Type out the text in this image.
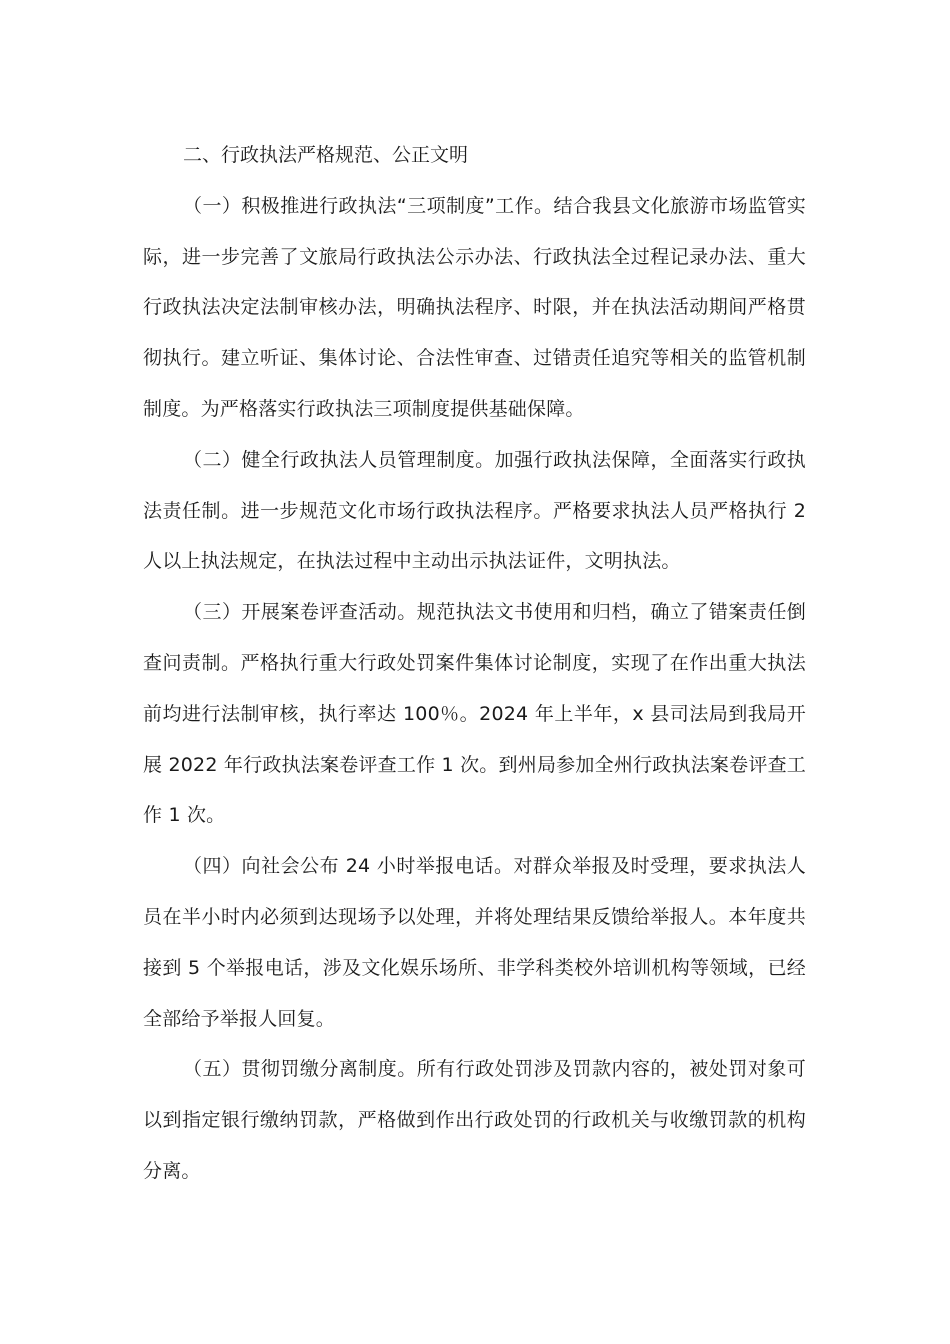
二、行政执法严格规范、公正文明

（一）积极推进行政执法“三项制度”工作。结合我县文化旅游市场监管实际，进一步完善了文旅局行政执法公示办法、行政执法全过程记录办法、重大行政执法决定法制审核办法，明确执法程序、时限，并在执法活动期间严格贯彻执行。建立听证、集体讨论、合法性审查、过错责任追究等相关的监管机制制度。为严格落实行政执法三项制度提供基础保障。

（二）健全行政执法人员管理制度。加强行政执法保障，全面落实行政执法责任制。进一步规范文化市场行政执法程序。严格要求执法人员严格执行 2 人以上执法规定，在执法过程中主动出示执法证件，文明执法。

（三）开展案卷评查活动。规范执法文书使用和归档，确立了错案责任倒查问责制。严格执行重大行政处罚案件集体讨论制度，实现了在作出重大执法前均进行法制审核，执行率达 100％。2024 年上半年，x 县司法局到我局开展 2022 年行政执法案卷评查工作 1 次。到州局参加全州行政执法案卷评查工作 1 次。

（四）向社会公布 24 小时举报电话。对群众举报及时受理，要求执法人员在半小时内必须到达现场予以处理，并将处理结果反馈给举报人。本年度共接到 5 个举报电话，涉及文化娱乐场所、非学科类校外培训机构等领域，已经全部给予举报人回复。

（五）贯彻罚缴分离制度。所有行政处罚涉及罚款内容的，被处罚对象可以到指定银行缴纳罚款，严格做到作出行政处罚的行政机关与收缴罚款的机构分离。
